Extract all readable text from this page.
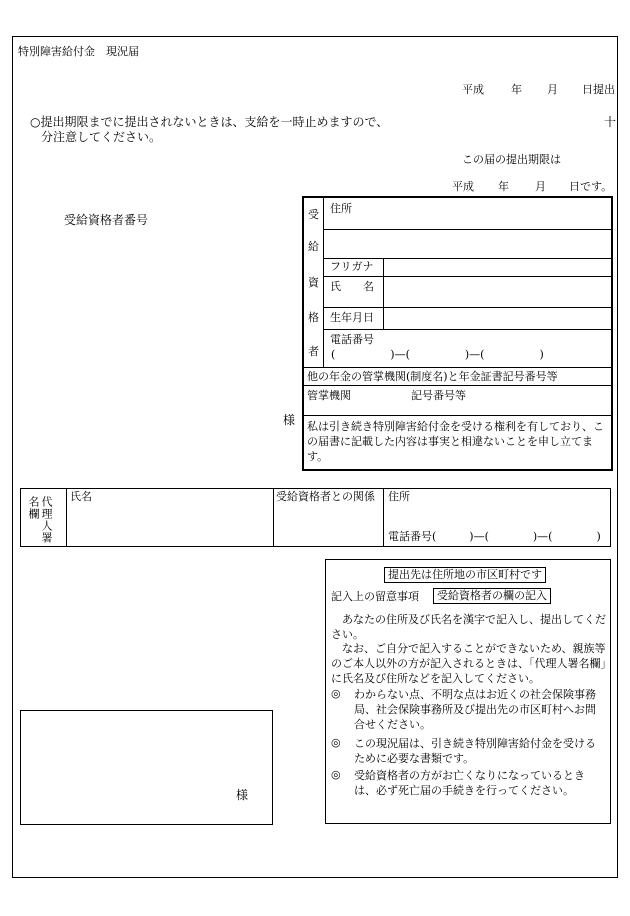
特別障害給付金　現況届
平成 年 月 日提出
○提出期限までに提出されないときは、支給を一時止めますので、
分注意してください。
十
この届の提出期限は
平成 年 月 日です。
受給資格者番号
様
受
給
資
格
者
住所
フリガナ
氏　　名
生年月日
電話番号
(　　　　　)—(　　　　　)—(　　　　　)
他の年金の管掌機関(制度名)と年金証書記号番号等
管掌機関	記号番号等
私は引き続き特別障害給付金を受ける権利を有しており、この届書に記載した内容は事実と相違ないことを申し立てます。
代理人署名欄	氏名	受給資格者との関係 住所
電話番号(　　　)—(　　　　)—(　　　　)
提出先は住所地の市区町村です
記入上の留意事項	受給資格者の欄の記入
あなたの住所及び氏名を漢字で記入し、提出してください。
なお、ご自分で記入することができないため、親族等のご本人以外の方が記入されるときは、「代理人署名欄」に氏名及び住所などを記入してください。
◎ わからない点、不明な点はお近くの社会保険事務局、社会保険事務所及び提出先の市区町村へお問合せください。
◎ この現況届は、引き続き特別障害給付金を受けるために必要な書類です。
◎ 受給資格者の方がお亡くなりになっているときは、必ず死亡届の手続きを行ってください。
様
